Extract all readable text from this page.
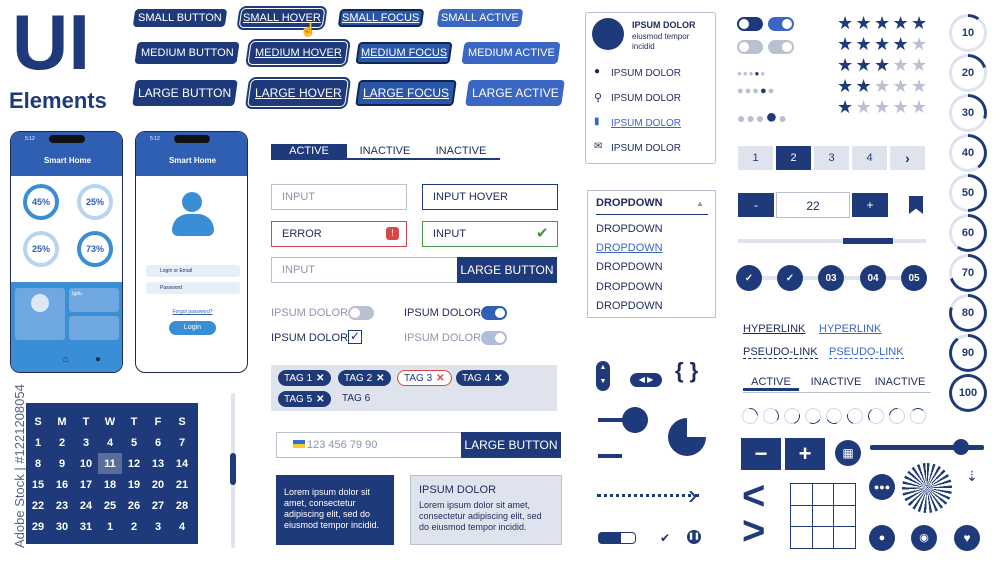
UI
Elements
SMALL BUTTON SMALL HOVER SMALL FOCUS SMALL ACTIVE
MEDIUM BUTTON MEDIUM HOVER MEDIUM FOCUS MEDIUM ACTIVE
LARGE BUTTON LARGE HOVER LARGE FOCUS LARGE ACTIVE
☝
5:12
Smart Home
45%	25%
25%	73%
Igdu
⌂	●
5:12
Smart Home
Login or Email
Password
Forgot password?
Login
S	M	T	W	T	F	S
1	2	3	4	5	6	7
8	9	10	11	12	13	14
15	16	17	18	19	20	21
22	23	24	25	26	27	28
29	30	31	1	2	3	4
ACTIVE	INACTIVE	INACTIVE
INPUT	INPUT HOVER
ERROR	!	INPUT	✔
INPUT	LARGE BUTTON
IPSUM DOLOR	IPSUM DOLOR
IPSUM DOLOR ✓	IPSUM DOLOR
TAG 1 ✕ TAG 2 ✕ TAG 3 ✕ TAG 4 ✕
TAG 5 ✕ TAG 6
123 456 79 90	LARGE BUTTON
Lorem ipsum dolor sit amet, consectetur adipiscing elit, sed do eiusmod tempor incidid.
IPSUM DOLOR
Lorem ipsum dolor sit amet, consectetur adipiscing elit, sed do eiusmod tempor incidid.
IPSUM DOLOR
eiusmod tempor
incidid
● IPSUM DOLOR
⚲ IPSUM DOLOR
▮ IPSUM DOLOR
✉ IPSUM DOLOR
DROPDOWN	▲
DROPDOWN
DROPDOWN
DROPDOWN
DROPDOWN
DROPDOWN
▲
▼	◀ ▶ { }
›
✔	❚❚
●●●●●
●●●●●
●●●●●
★ ★ ★ ★ ★
★ ★ ★ ★ ★
★ ★ ★ ★ ★
★ ★ ★ ★ ★
★ ★ ★ ★ ★
1	2	3	4	›
-	22	+
✓	✓	03	04	05
HYPERLINK HYPERLINK
PSEUDO-LINK PSEUDO-LINK
ACTIVE	INACTIVE	INACTIVE
−	+	▦
<
>
●●●
⇣
●	◉	♥
10
20
30
40
50
60
70
80
90
100
Adobe Stock | #1221208054
